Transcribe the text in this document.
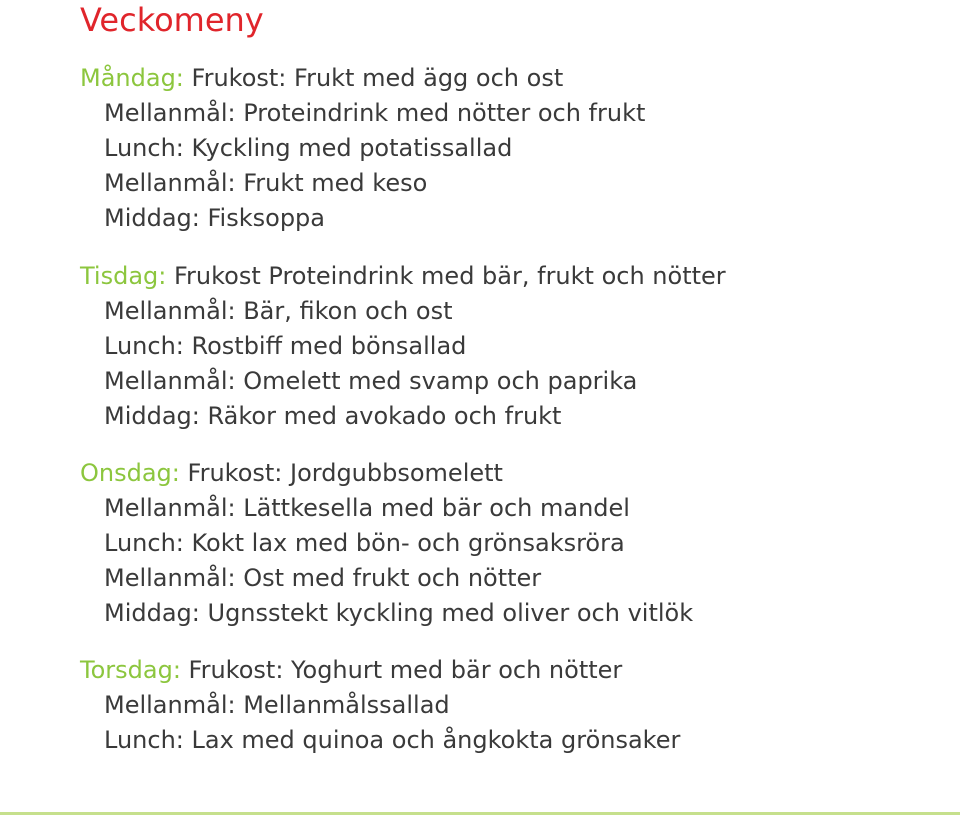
Veckomeny
Måndag: Frukost: Frukt med ägg och ost
Mellanmål: Proteindrink med nötter och frukt
Lunch: Kyckling med potatissallad
Mellanmål: Frukt med keso
Middag: Fisksoppa
Tisdag: Frukost Proteindrink med bär, frukt och nötter
Mellanmål: Bär, fikon och ost
Lunch: Rostbiff med bönsallad
Mellanmål: Omelett med svamp och paprika
Middag: Räkor med avokado och frukt
Onsdag: Frukost: Jordgubbsomelett
Mellanmål: Lättkesella med bär och mandel
Lunch: Kokt lax med bön- och grönsaksröra
Mellanmål: Ost med frukt och nötter
Middag: Ugnsstekt kyckling med oliver och vitlök
Torsdag: Frukost: Yoghurt med bär och nötter
Mellanmål: Mellanmålssallad
Lunch: Lax med quinoa och ångkokta grönsaker
